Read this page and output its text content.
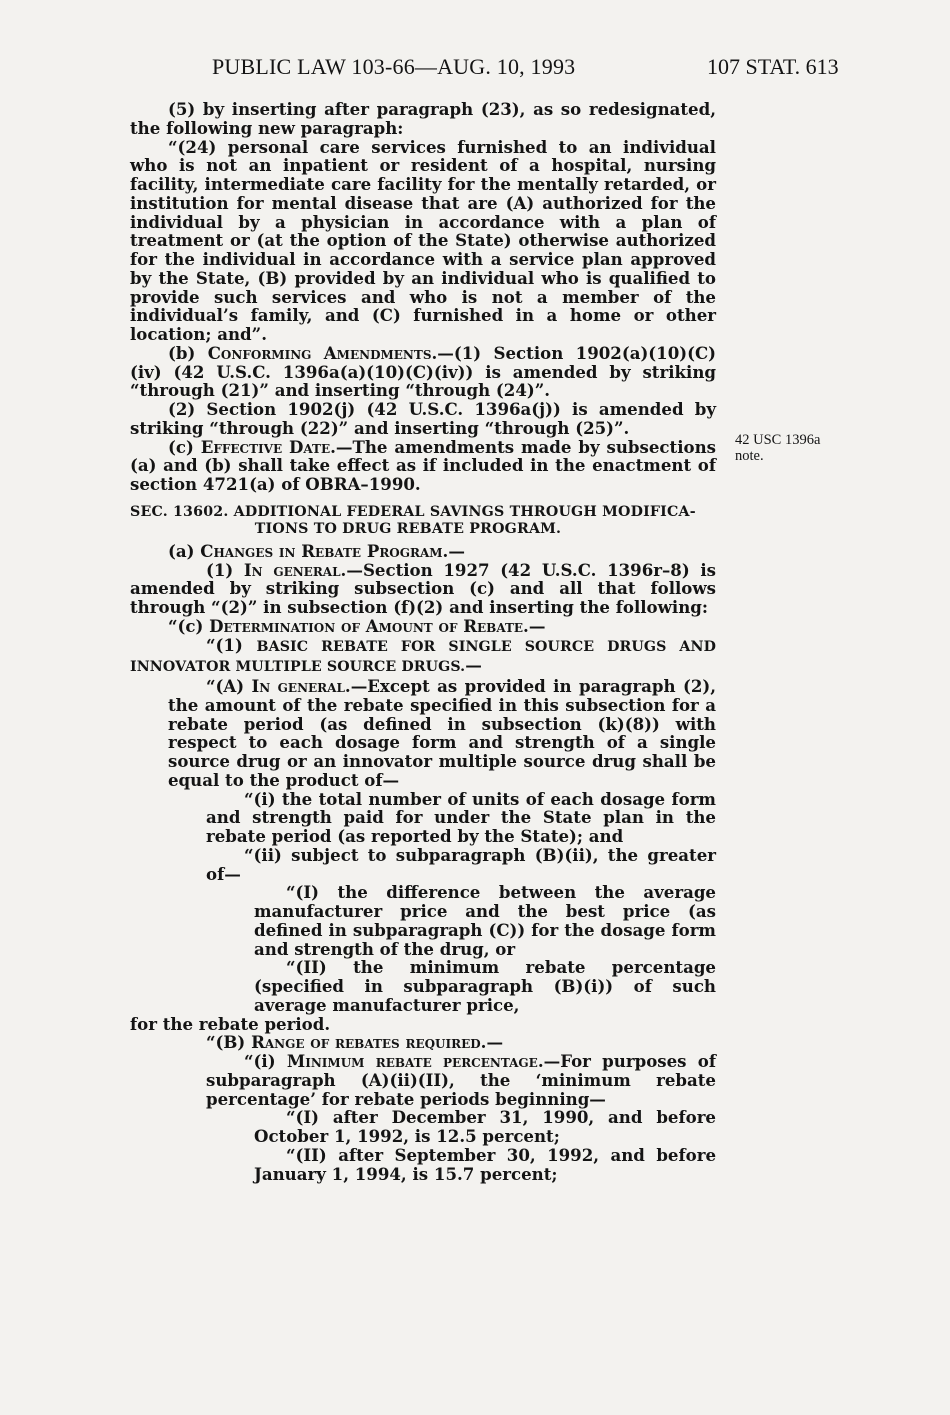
PUBLIC LAW 103-66—AUG. 10, 1993	107 STAT. 613
42 USC 1396a
note.

(5) by inserting after paragraph (23), as so redesignated, the following new paragraph:

“(24) personal care services furnished to an individual who is not an inpatient or resident of a hospital, nursing facility, intermediate care facility for the mentally retarded, or institution for mental disease that are (A) authorized for the individual by a physician in accordance with a plan of treatment or (at the option of the State) otherwise authorized for the individual in accordance with a service plan approved by the State, (B) provided by an individual who is qualified to provide such services and who is not a member of the individual’s family, and (C) furnished in a home or other location; and”.

(b) Conforming Amendments.—(1) Section 1902(a)(10)(C)(iv) (42 U.S.C. 1396a(a)(10)(C)(iv)) is amended by striking “through (21)” and inserting “through (24)”.

(2) Section 1902(j) (42 U.S.C. 1396a(j)) is amended by striking “through (22)” and inserting “through (25)”.

(c) Effective Date.—The amendments made by subsections (a) and (b) shall take effect as if included in the enactment of section 4721(a) of OBRA–1990.

SEC. 13602. ADDITIONAL FEDERAL SAVINGS THROUGH MODIFICA-
TIONS TO DRUG REBATE PROGRAM.

(a) Changes in Rebate Program.—

(1) In general.—Section 1927 (42 U.S.C. 1396r–8) is amended by striking subsection (c) and all that follows through “(2)” in subsection (f)(2) and inserting the following:

“(c) Determination of Amount of Rebate.—

“(1) BASIC REBATE FOR SINGLE SOURCE DRUGS AND INNOVATOR MULTIPLE SOURCE DRUGS.—

“(A) In general.—Except as provided in paragraph (2), the amount of the rebate specified in this subsection for a rebate period (as defined in subsection (k)(8)) with respect to each dosage form and strength of a single source drug or an innovator multiple source drug shall be equal to the product of—

“(i) the total number of units of each dosage form and strength paid for under the State plan in the rebate period (as reported by the State); and

“(ii) subject to subparagraph (B)(ii), the greater of—

“(I) the difference between the average manufacturer price and the best price (as defined in subparagraph (C)) for the dosage form and strength of the drug, or

“(II) the minimum rebate percentage (specified in subparagraph (B)(i)) of such average manufacturer price,

for the rebate period.

“(B) Range of rebates required.—

“(i) Minimum rebate percentage.—For purposes of subparagraph (A)(ii)(II), the ‘minimum rebate percentage’ for rebate periods beginning—

“(I) after December 31, 1990, and before October 1, 1992, is 12.5 percent;

“(II) after September 30, 1992, and before January 1, 1994, is 15.7 percent;
